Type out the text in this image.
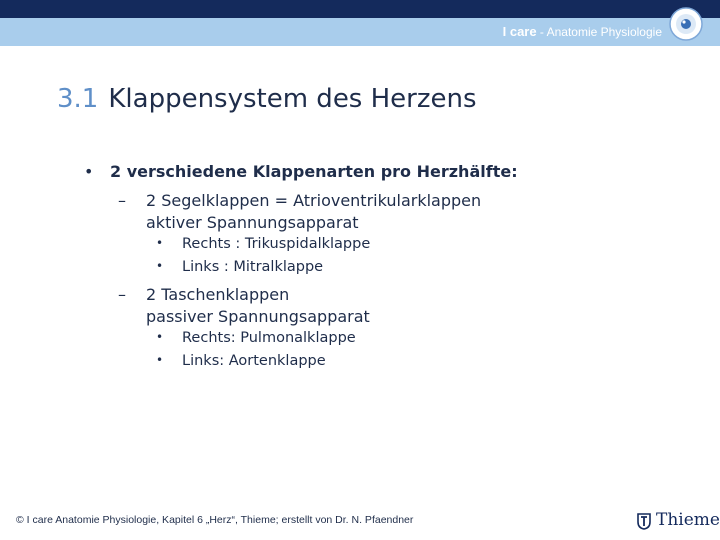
I care - Anatomie Physiologie
3.1 Klappensystem des Herzens
• 2 verschiedene Klappenarten pro Herzhälfte:
– 2 Segelklappen = Atrioventrikularklappen
aktiver Spannungsapparat
• Rechts : Trikuspidalklappe
• Links : Mitralklappe
– 2 Taschenklappen
passiver Spannungsapparat
• Rechts: Pulmonalklappe
• Links: Aortenklappe
© I care Anatomie Physiologie, Kapitel 6 „Herz“, Thieme; erstellt von Dr. N. Pfaendner	Thieme
